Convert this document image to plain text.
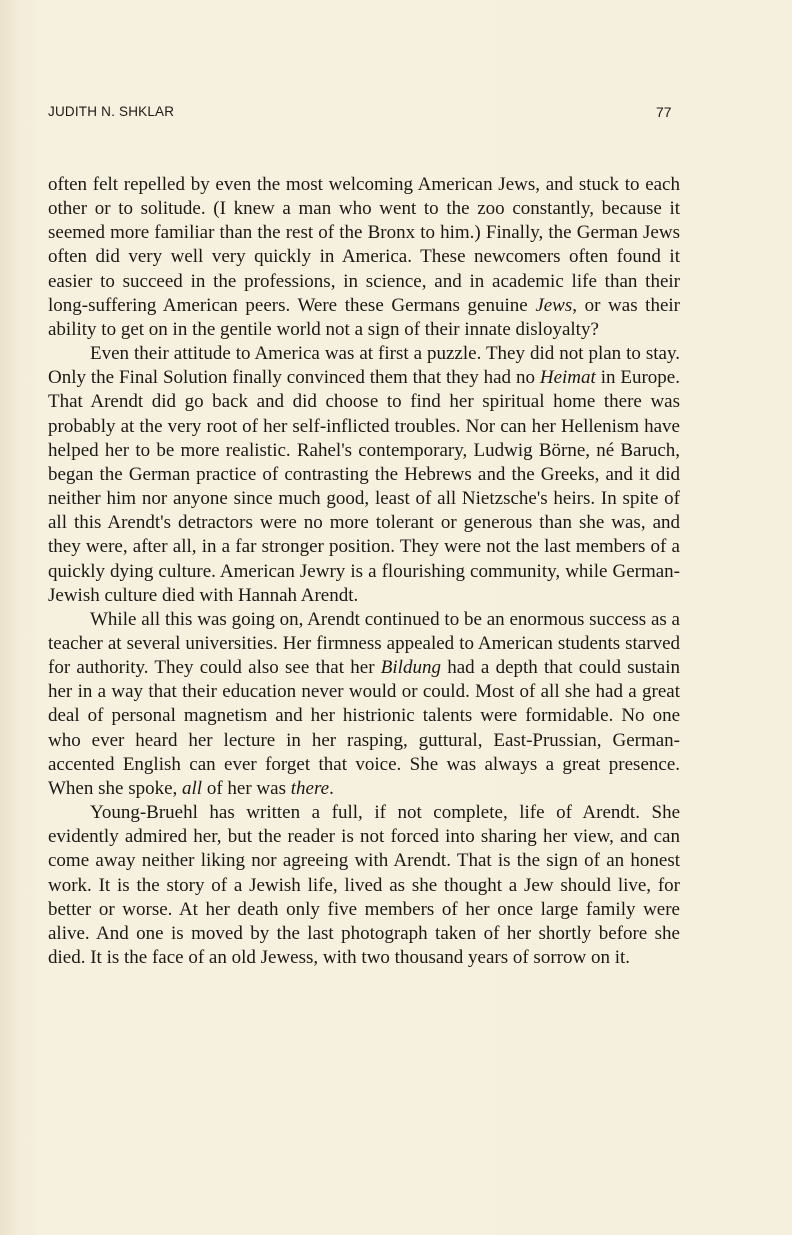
JUDITH N. SHKLAR	77

often felt repelled by even the most welcoming American Jews, and stuck to each other or to solitude. (I knew a man who went to the zoo constantly, because it seemed more familiar than the rest of the Bronx to him.) Finally, the German Jews often did very well very quickly in America. These newcomers often found it easier to succeed in the professions, in science, and in academic life than their long-suffering American peers. Were these Germans genuine Jews, or was their ability to get on in the gentile world not a sign of their innate disloyalty?

Even their attitude to America was at first a puzzle. They did not plan to stay. Only the Final Solution finally convinced them that they had no Heimat in Europe. That Arendt did go back and did choose to find her spiritual home there was probably at the very root of her self-inflicted troubles. Nor can her Hellenism have helped her to be more realistic. Rahel's contemporary, Ludwig Börne, né Baruch, began the German practice of contrasting the Hebrews and the Greeks, and it did neither him nor anyone since much good, least of all Nietzsche's heirs. In spite of all this Arendt's detractors were no more tolerant or generous than she was, and they were, after all, in a far stronger position. They were not the last members of a quickly dying culture. American Jewry is a flourishing community, while German-Jewish culture died with Hannah Arendt.

While all this was going on, Arendt continued to be an enormous success as a teacher at several universities. Her firmness appealed to American students starved for authority. They could also see that her Bildung had a depth that could sustain her in a way that their education never would or could. Most of all she had a great deal of personal magnetism and her histrionic talents were formidable. No one who ever heard her lecture in her rasping, guttural, East-Prussian, German-accented English can ever forget that voice. She was always a great presence. When she spoke, all of her was there.

Young-Bruehl has written a full, if not complete, life of Arendt. She evidently admired her, but the reader is not forced into sharing her view, and can come away neither liking nor agreeing with Arendt. That is the sign of an honest work. It is the story of a Jewish life, lived as she thought a Jew should live, for better or worse. At her death only five members of her once large family were alive. And one is moved by the last photograph taken of her shortly before she died. It is the face of an old Jewess, with two thousand years of sorrow on it.
